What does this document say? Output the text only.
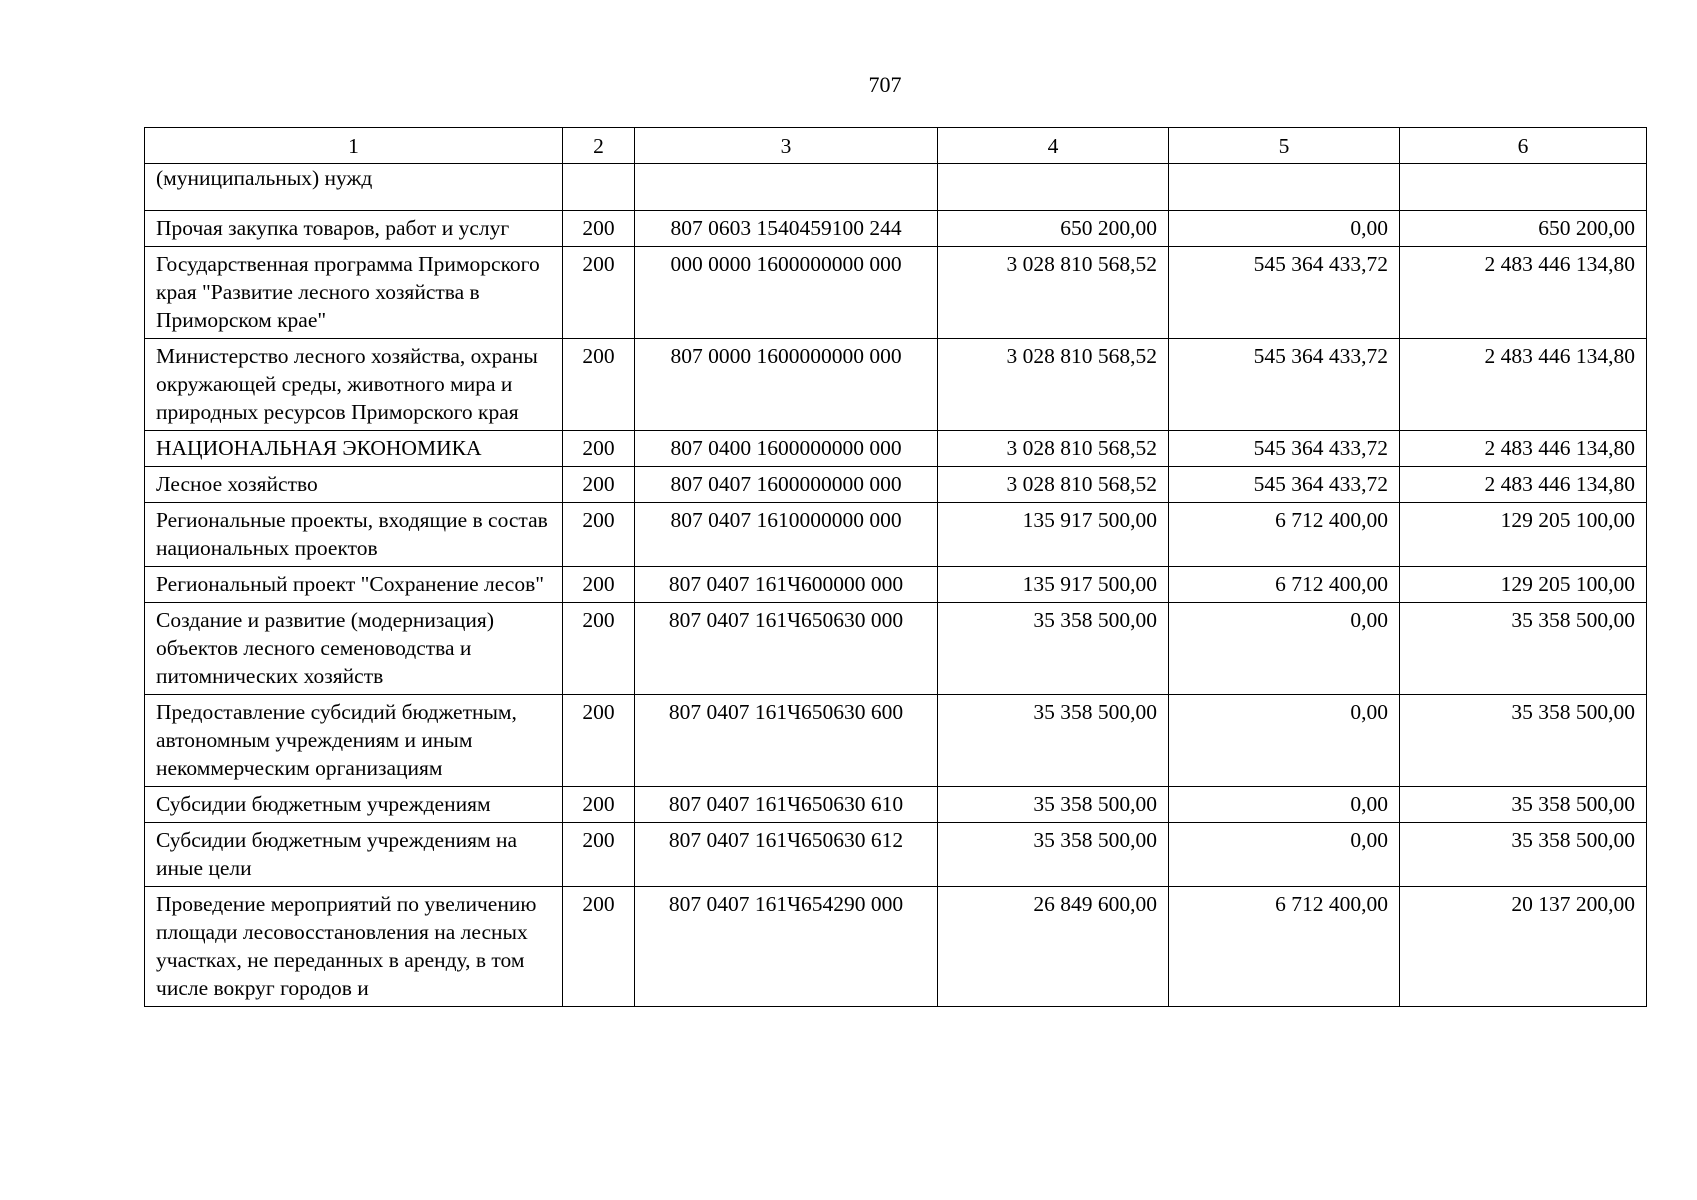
707
1	2	3	4	5	6
(муниципальных) нужд					
Прочая закупка товаров, работ и услуг	200	807 0603 1540459100 244	650 200,00	0,00	650 200,00
Государственная программа Приморского края "Развитие лесного хозяйства в Приморском крае"	200	000 0000 1600000000 000	3 028 810 568,52	545 364 433,72	2 483 446 134,80
Министерство лесного хозяйства, охраны окружающей среды, животного мира и природных ресурсов Приморского края	200	807 0000 1600000000 000	3 028 810 568,52	545 364 433,72	2 483 446 134,80
НАЦИОНАЛЬНАЯ ЭКОНОМИКА	200	807 0400 1600000000 000	3 028 810 568,52	545 364 433,72	2 483 446 134,80
Лесное хозяйство	200	807 0407 1600000000 000	3 028 810 568,52	545 364 433,72	2 483 446 134,80
Региональные проекты, входящие в состав национальных проектов	200	807 0407 1610000000 000	135 917 500,00	6 712 400,00	129 205 100,00
Региональный проект "Сохранение лесов"	200	807 0407 161Ч600000 000	135 917 500,00	6 712 400,00	129 205 100,00
Создание и развитие (модернизация) объектов лесного семеноводства и питомнических хозяйств	200	807 0407 161Ч650630 000	35 358 500,00	0,00	35 358 500,00
Предоставление субсидий бюджетным, автономным учреждениям и иным некоммерческим организациям	200	807 0407 161Ч650630 600	35 358 500,00	0,00	35 358 500,00
Субсидии бюджетным учреждениям	200	807 0407 161Ч650630 610	35 358 500,00	0,00	35 358 500,00
Субсидии бюджетным учреждениям на иные цели	200	807 0407 161Ч650630 612	35 358 500,00	0,00	35 358 500,00
Проведение мероприятий по увеличению площади лесовосстановления на лесных участках, не переданных в аренду, в том числе вокруг городов и	200	807 0407 161Ч654290 000	26 849 600,00	6 712 400,00	20 137 200,00
